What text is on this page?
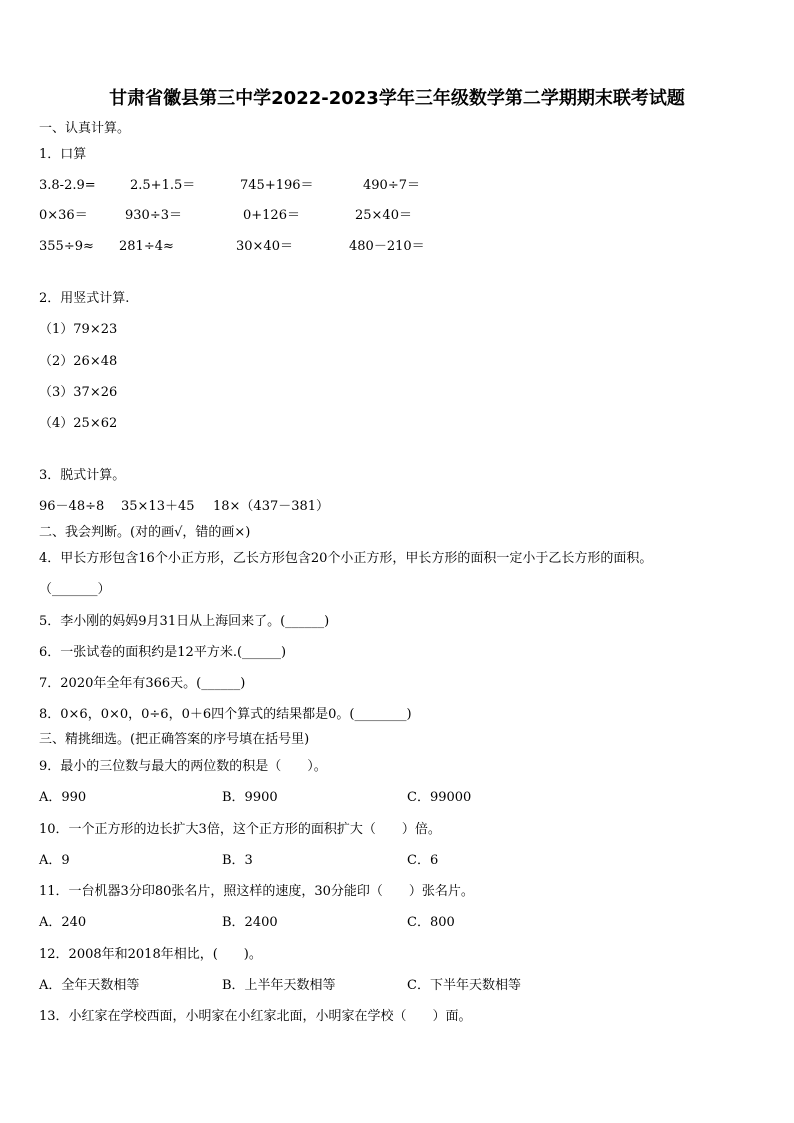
甘肃省徽县第三中学2022-2023学年三年级数学第二学期期末联考试题
一、认真计算。
1．口算
3.8-2.9=	2.5+1.5＝	745+196＝	490÷7＝
0×36＝	930÷3＝	0+126＝	25×40＝
355÷9≈ 281÷4≈	30×40＝	480－210＝
2．用竖式计算.
（1）79×23
（2）26×48
（3）37×26
（4）25×62
3．脱式计算。
96－48÷8 35×13＋45 18×（437－381）
二、我会判断。(对的画√，错的画×)
4．甲长方形包含16个小正方形，乙长方形包含20个小正方形，甲长方形的面积一定小于乙长方形的面积。
（_______）
5．李小刚的妈妈9月31日从上海回来了。(______)
6．一张试卷的面积约是12平方米.(______)
7．2020年全年有366天。(______)
8．0×6，0×0，0÷6，0＋6四个算式的结果都是0。(________)
三、精挑细选。(把正确答案的序号填在括号里)
9．最小的三位数与最大的两位数的积是（　　）。
A．990	B．9900	C．99000
10．一个正方形的边长扩大3倍，这个正方形的面积扩大（　　）倍。
A．9	B．3	C．6
11．一台机器3分印80张名片，照这样的速度，30分能印（　　）张名片。
A．240	B．2400	C．800
12．2008年和2018年相比，(　　)。
A．全年天数相等	B．上半年天数相等	C．下半年天数相等
13．小红家在学校西面，小明家在小红家北面，小明家在学校（　　）面。
